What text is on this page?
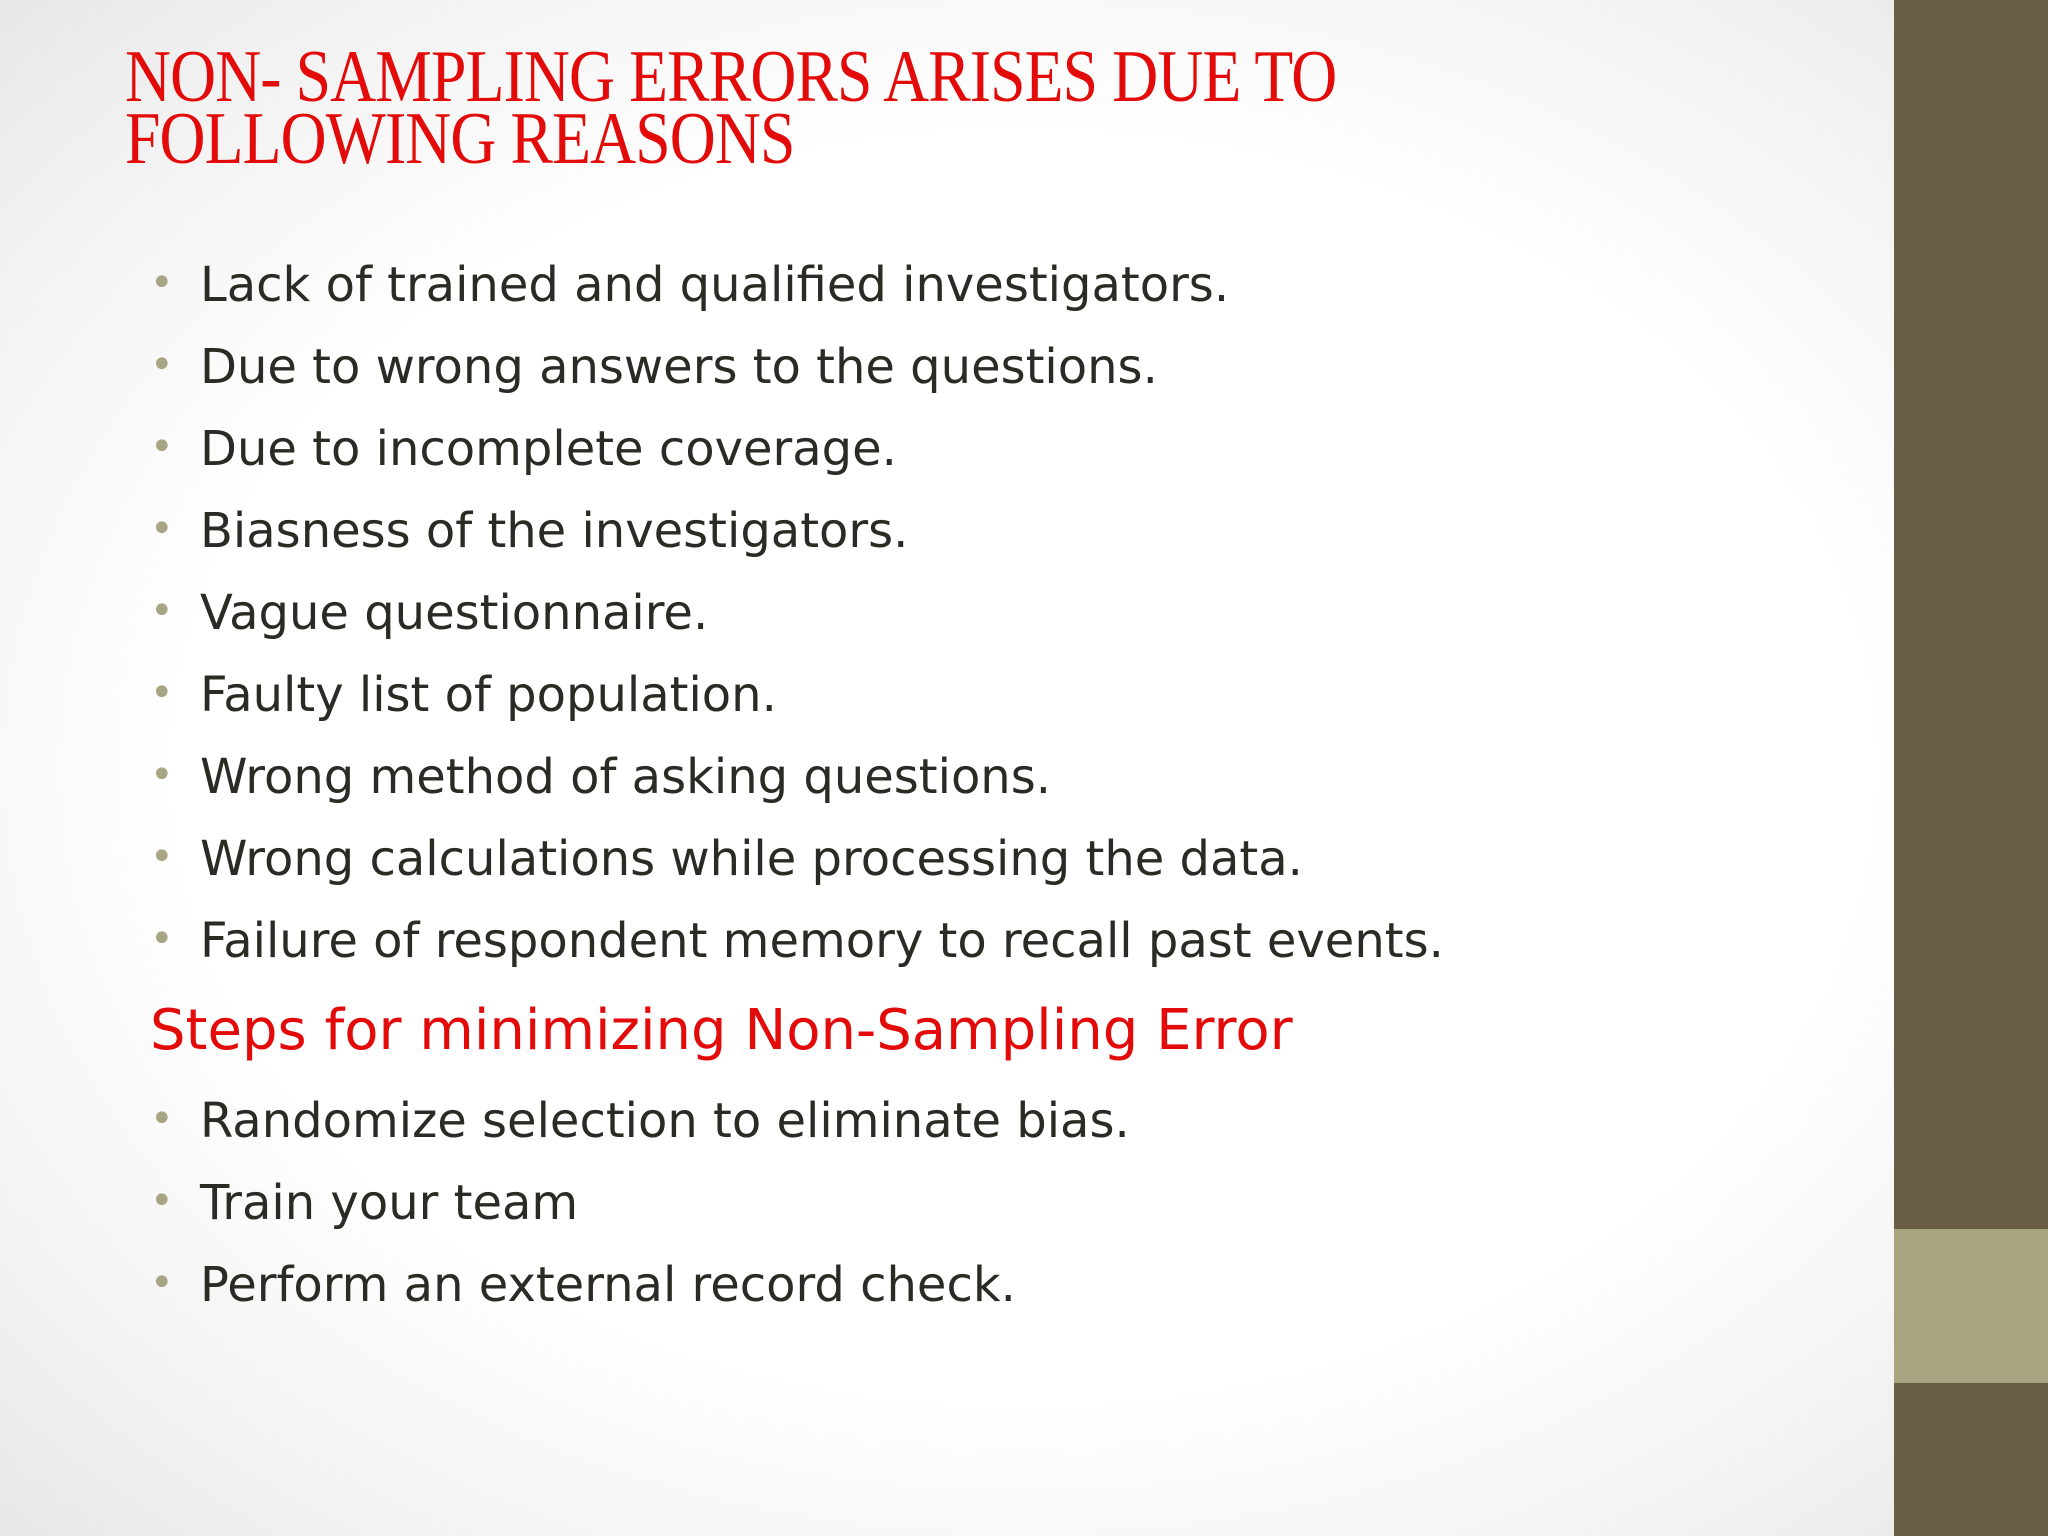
NON- SAMPLING ERRORS ARISES DUE TO
FOLLOWING REASONS
• Lack of trained and qualified investigators.
• Due to wrong answers to the questions.
• Due to incomplete coverage.
• Biasness of the investigators.
• Vague questionnaire.
• Faulty list of population.
• Wrong method of asking questions.
• Wrong calculations while processing the data.
• Failure of respondent memory to recall past events.
Steps for minimizing Non-Sampling Error
• Randomize selection to eliminate bias.
• Train your team
• Perform an external record check.
